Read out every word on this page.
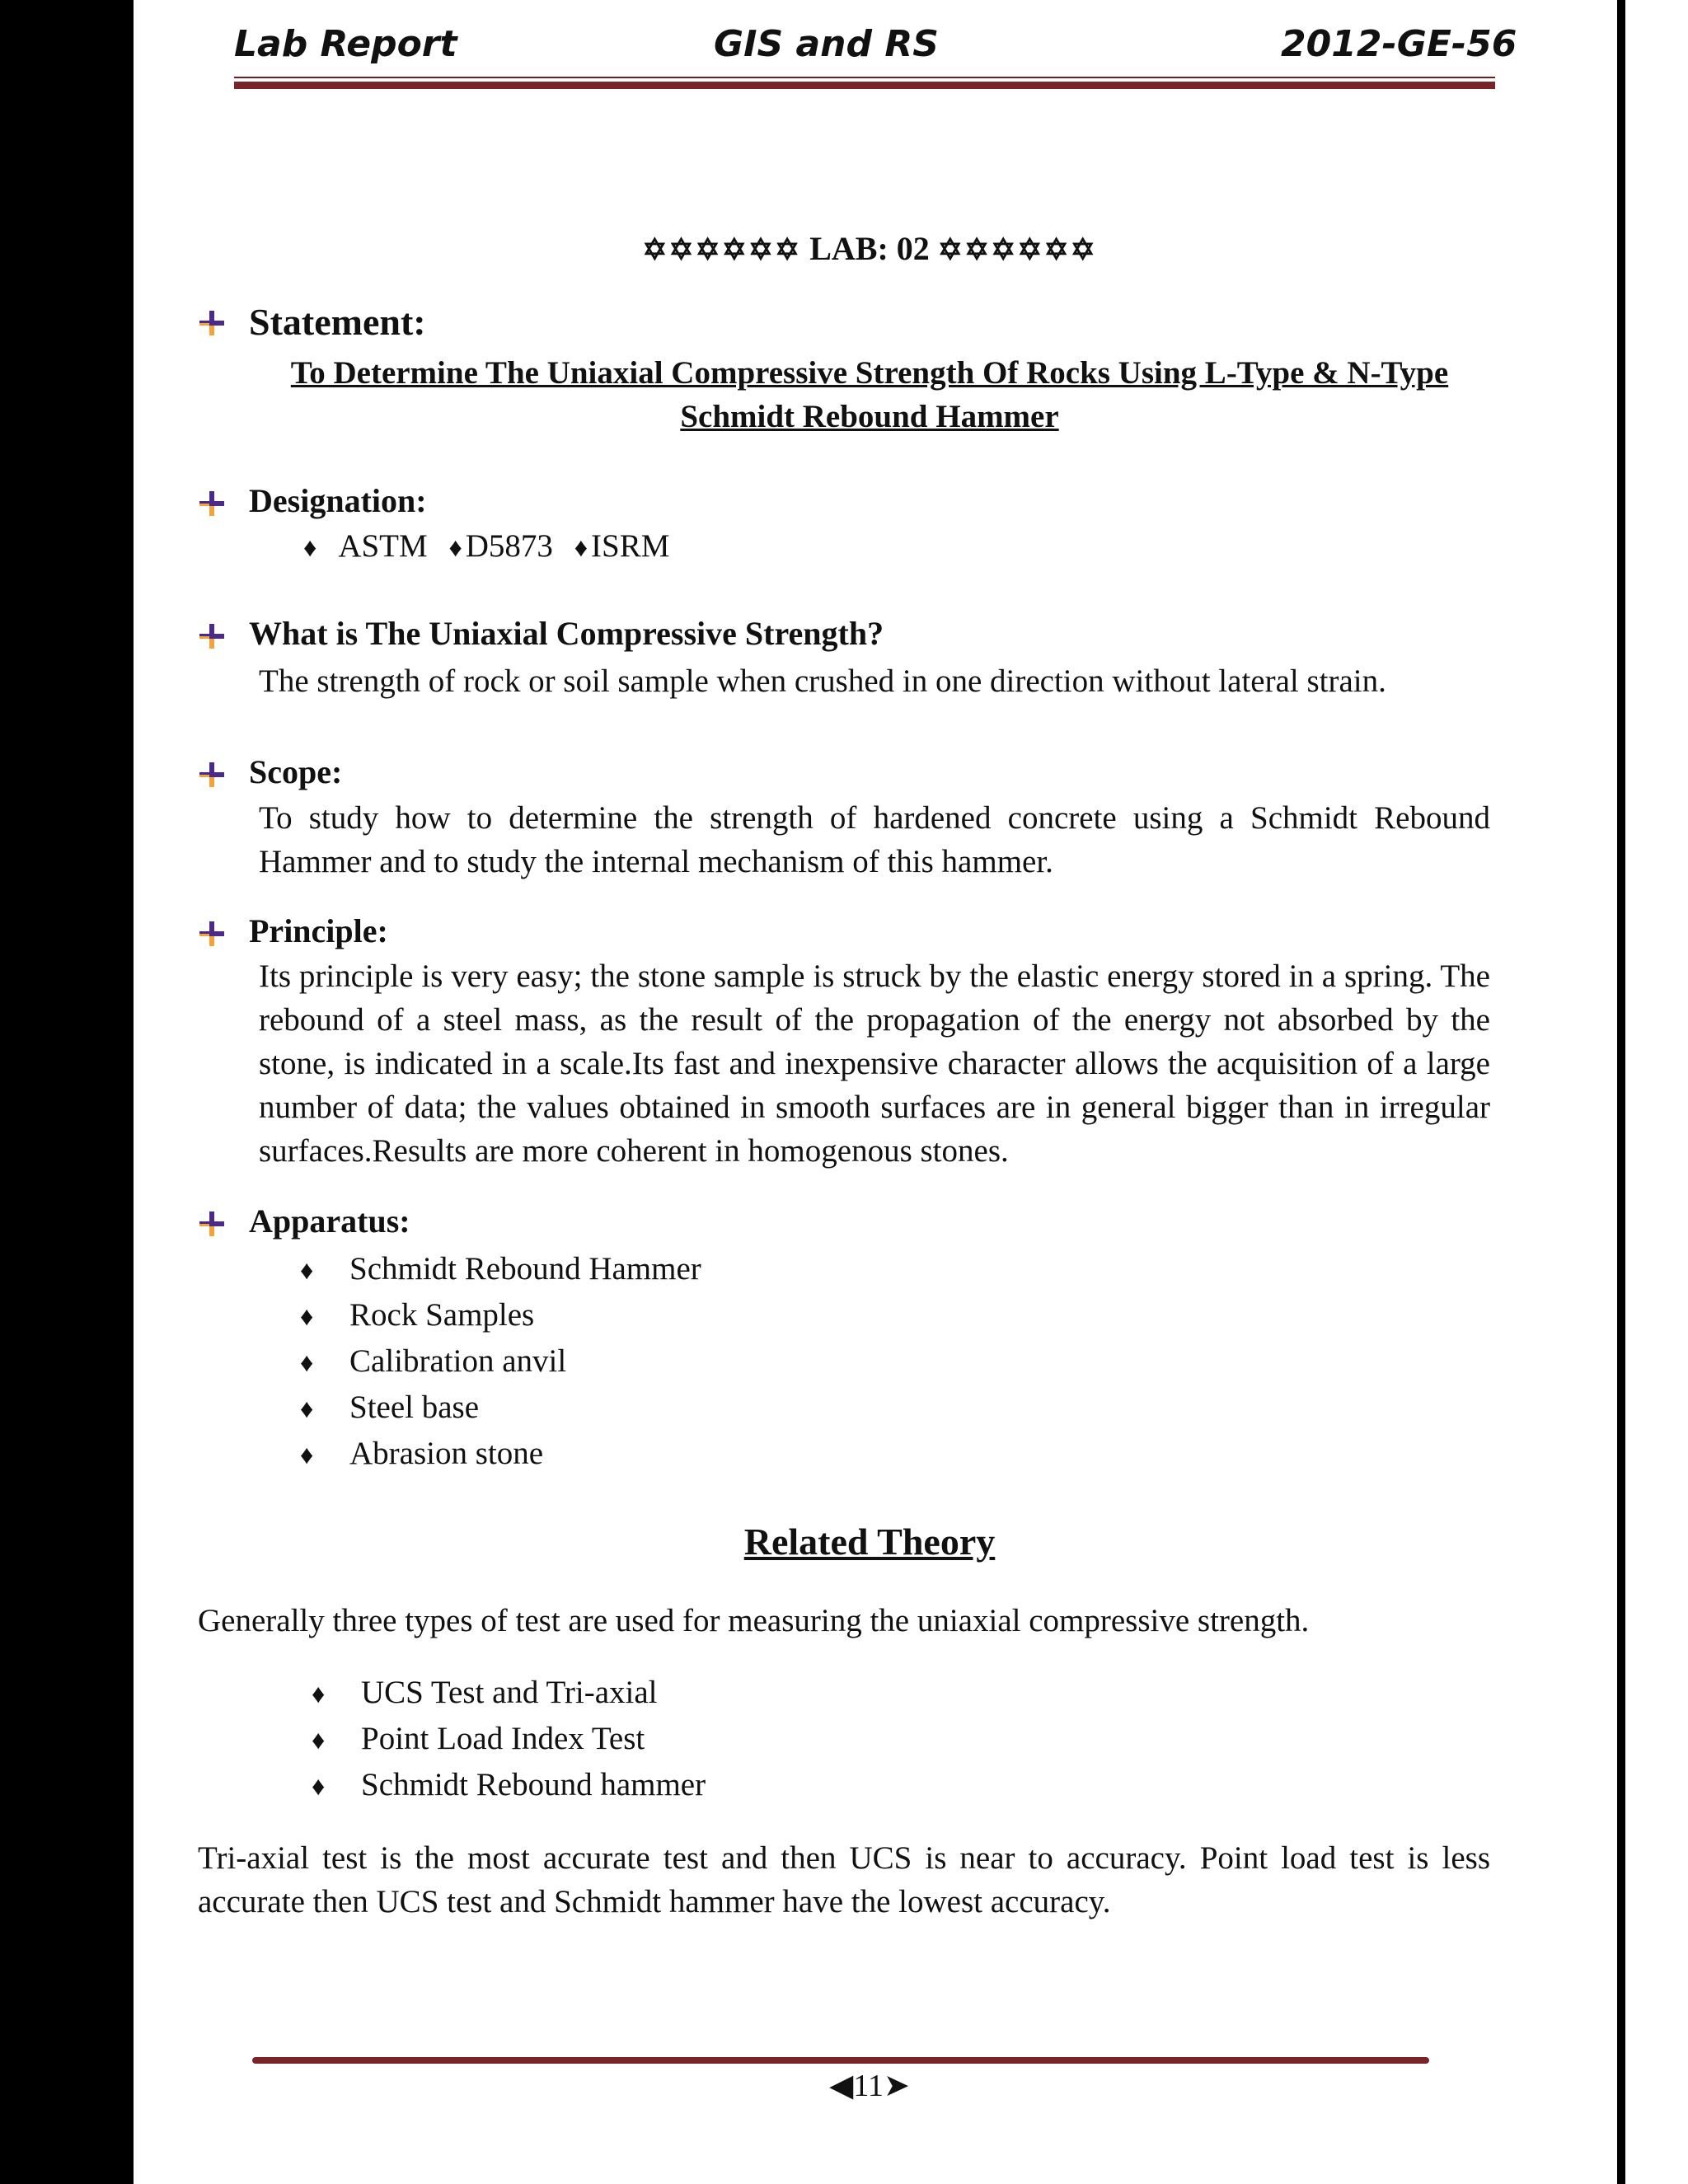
Lab Report	GIS and RS	2012-GE-56
✡✡✡✡✡✡ LAB: 02 ✡✡✡✡✡✡
Statement:
To Determine The Uniaxial Compressive Strength Of Rocks Using L-Type & N-Type
Schmidt Rebound Hammer
Designation:
♦ ASTM ♦ D5873 ♦ ISRM
What is The Uniaxial Compressive Strength?
The strength of rock or soil sample when crushed in one direction without lateral strain.
Scope:
To study how to determine the strength of hardened concrete using a Schmidt Rebound Hammer and to study the internal mechanism of this hammer.
Principle:
Its principle is very easy; the stone sample is struck by the elastic energy stored in a spring. The rebound of a steel mass, as the result of the propagation of the energy not absorbed by the stone, is indicated in a scale.Its fast and inexpensive character allows the acquisition of a large number of data; the values obtained in smooth surfaces are in general bigger than in irregular surfaces.Results are more coherent in homogenous stones.
Apparatus:
♦ Schmidt Rebound Hammer
♦ Rock Samples
♦ Calibration anvil
♦ Steel base
♦ Abrasion stone
Related Theory
Generally three types of test are used for measuring the uniaxial compressive strength.
♦ UCS Test and Tri-axial
♦ Point Load Index Test
♦ Schmidt Rebound hammer
Tri-axial test is the most accurate test and then UCS is near to accuracy. Point load test is less accurate then UCS test and Schmidt hammer have the lowest accuracy.
◀11➤
